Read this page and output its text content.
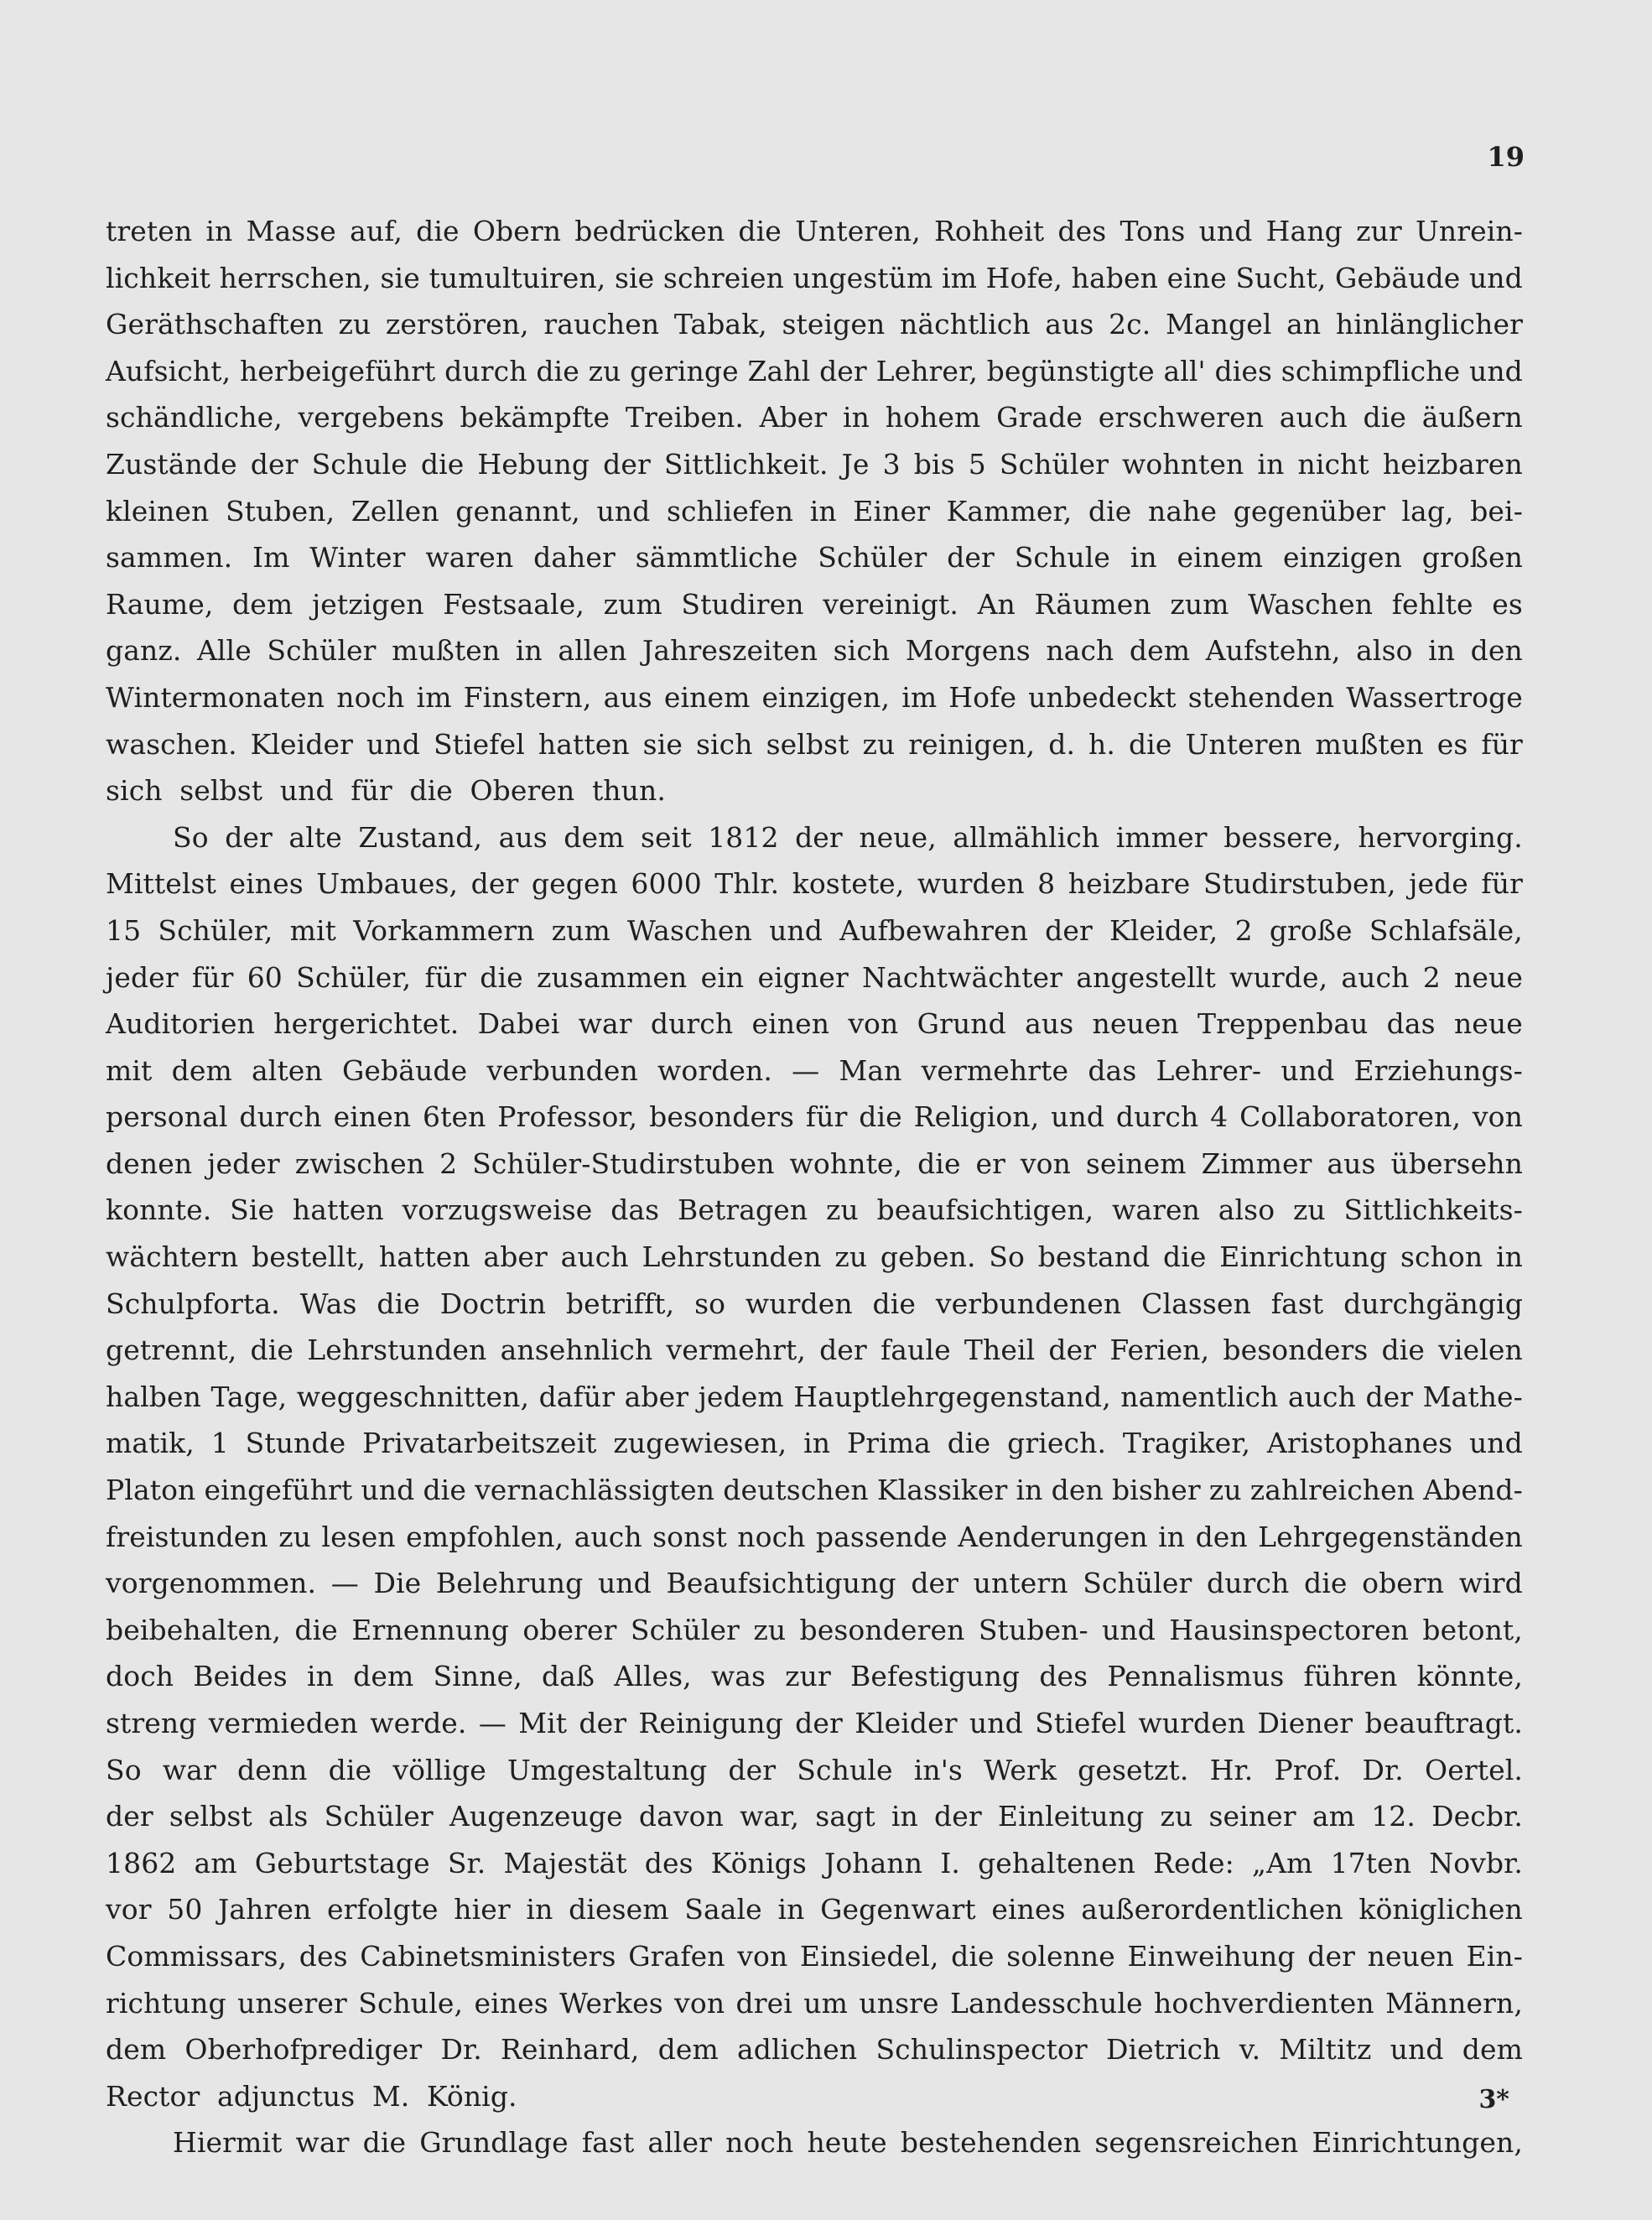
19
treten in Masse auf, die Obern bedrücken die Unteren, Rohheit des Tons und Hang zur Unrein-
lichkeit herrschen, sie tumultuiren, sie schreien ungestüm im Hofe, haben eine Sucht, Gebäude und
Geräthschaften zu zerstören, rauchen Tabak, steigen nächtlich aus 2c. Mangel an hinlänglicher
Aufsicht, herbeigeführt durch die zu geringe Zahl der Lehrer, begünstigte all' dies schimpfliche und
schändliche, vergebens bekämpfte Treiben. Aber in hohem Grade erschweren auch die äußern
Zustände der Schule die Hebung der Sittlichkeit. Je 3 bis 5 Schüler wohnten in nicht heizbaren
kleinen Stuben, Zellen genannt, und schliefen in Einer Kammer, die nahe gegenüber lag, bei-
sammen. Im Winter waren daher sämmtliche Schüler der Schule in einem einzigen großen
Raume, dem jetzigen Festsaale, zum Studiren vereinigt. An Räumen zum Waschen fehlte es
ganz. Alle Schüler mußten in allen Jahreszeiten sich Morgens nach dem Aufstehn, also in den
Wintermonaten noch im Finstern, aus einem einzigen, im Hofe unbedeckt stehenden Wassertroge
waschen. Kleider und Stiefel hatten sie sich selbst zu reinigen, d. h. die Unteren mußten es für
sich selbst und für die Oberen thun.
So der alte Zustand, aus dem seit 1812 der neue, allmählich immer bessere, hervorging.
Mittelst eines Umbaues, der gegen 6000 Thlr. kostete, wurden 8 heizbare Studirstuben, jede für
15 Schüler, mit Vorkammern zum Waschen und Aufbewahren der Kleider, 2 große Schlafsäle,
jeder für 60 Schüler, für die zusammen ein eigner Nachtwächter angestellt wurde, auch 2 neue
Auditorien hergerichtet. Dabei war durch einen von Grund aus neuen Treppenbau das neue
mit dem alten Gebäude verbunden worden. — Man vermehrte das Lehrer- und Erziehungs-
personal durch einen 6ten Professor, besonders für die Religion, und durch 4 Collaboratoren, von
denen jeder zwischen 2 Schüler-Studirstuben wohnte, die er von seinem Zimmer aus übersehn
konnte. Sie hatten vorzugsweise das Betragen zu beaufsichtigen, waren also zu Sittlichkeits-
wächtern bestellt, hatten aber auch Lehrstunden zu geben. So bestand die Einrichtung schon in
Schulpforta. Was die Doctrin betrifft, so wurden die verbundenen Classen fast durchgängig
getrennt, die Lehrstunden ansehnlich vermehrt, der faule Theil der Ferien, besonders die vielen
halben Tage, weggeschnitten, dafür aber jedem Hauptlehrgegenstand, namentlich auch der Mathe-
matik, 1 Stunde Privatarbeitszeit zugewiesen, in Prima die griech. Tragiker, Aristophanes und
Platon eingeführt und die vernachlässigten deutschen Klassiker in den bisher zu zahlreichen Abend-
freistunden zu lesen empfohlen, auch sonst noch passende Aenderungen in den Lehrgegenständen
vorgenommen. — Die Belehrung und Beaufsichtigung der untern Schüler durch die obern wird
beibehalten, die Ernennung oberer Schüler zu besonderen Stuben- und Hausinspectoren betont,
doch Beides in dem Sinne, daß Alles, was zur Befestigung des Pennalismus führen könnte,
streng vermieden werde. — Mit der Reinigung der Kleider und Stiefel wurden Diener beauftragt.
So war denn die völlige Umgestaltung der Schule in's Werk gesetzt. Hr. Prof. Dr. Oertel.
der selbst als Schüler Augenzeuge davon war, sagt in der Einleitung zu seiner am 12. Decbr.
1862 am Geburtstage Sr. Majestät des Königs Johann I. gehaltenen Rede: „Am 17ten Novbr.
vor 50 Jahren erfolgte hier in diesem Saale in Gegenwart eines außerordentlichen königlichen
Commissars, des Cabinetsministers Grafen von Einsiedel, die solenne Einweihung der neuen Ein-
richtung unserer Schule, eines Werkes von drei um unsre Landesschule hochverdienten Männern,
dem Oberhofprediger Dr. Reinhard, dem adlichen Schulinspector Dietrich v. Miltitz und dem
Rector adjunctus M. König.
Hiermit war die Grundlage fast aller noch heute bestehenden segensreichen Einrichtungen,
3*
